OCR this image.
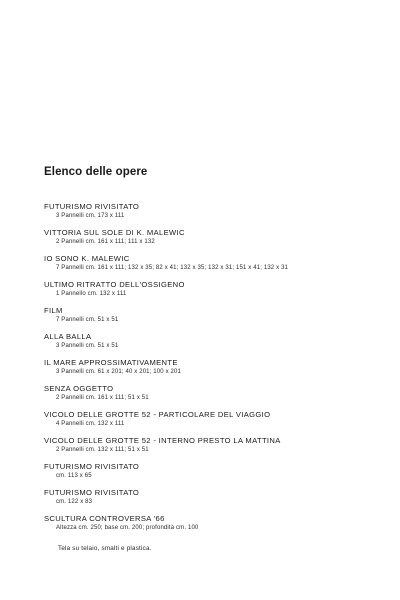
Elenco delle opere
FUTURISMO RIVISITATO
3 Pannelli cm. 173 x 111
VITTORIA SUL SOLE DI K. MALEWIC
2 Pannelli cm. 161 x 111; 111 x 132
IO SONO K. MALEWIC
7 Pannelli cm. 161 x 111; 132 x 35; 82 x 41; 132 x 35; 132 x 31; 151 x 41; 132 x 31
ULTIMO RITRATTO DELL'OSSIGENO
1 Pannello cm. 132 x 111
FILM
7 Pannelli cm. 51 x 51
ALLA BALLA
3 Pannelli cm. 51 x 51
IL MARE APPROSSIMATIVAMENTE
3 Pannelli cm. 61 x 201; 40 x 201; 100 x 201
SENZA OGGETTO
2 Pannelli cm. 161 x 111; 51 x 51
VICOLO DELLE GROTTE 52 - PARTICOLARE DEL VIAGGIO
4 Pannelli cm. 132 x 111
VICOLO DELLE GROTTE 52 - INTERNO PRESTO LA MATTINA
2 Pannelli cm. 132 x 111; 51 x 51
FUTURISMO RIVISITATO
cm. 113 x 65
FUTURISMO RIVISITATO
cm. 122 x 83
SCULTURA CONTROVERSA '66
Altezza cm. 250; base cm. 200; profondità cm. 100

Tela su telaio, smalti e plastica.
